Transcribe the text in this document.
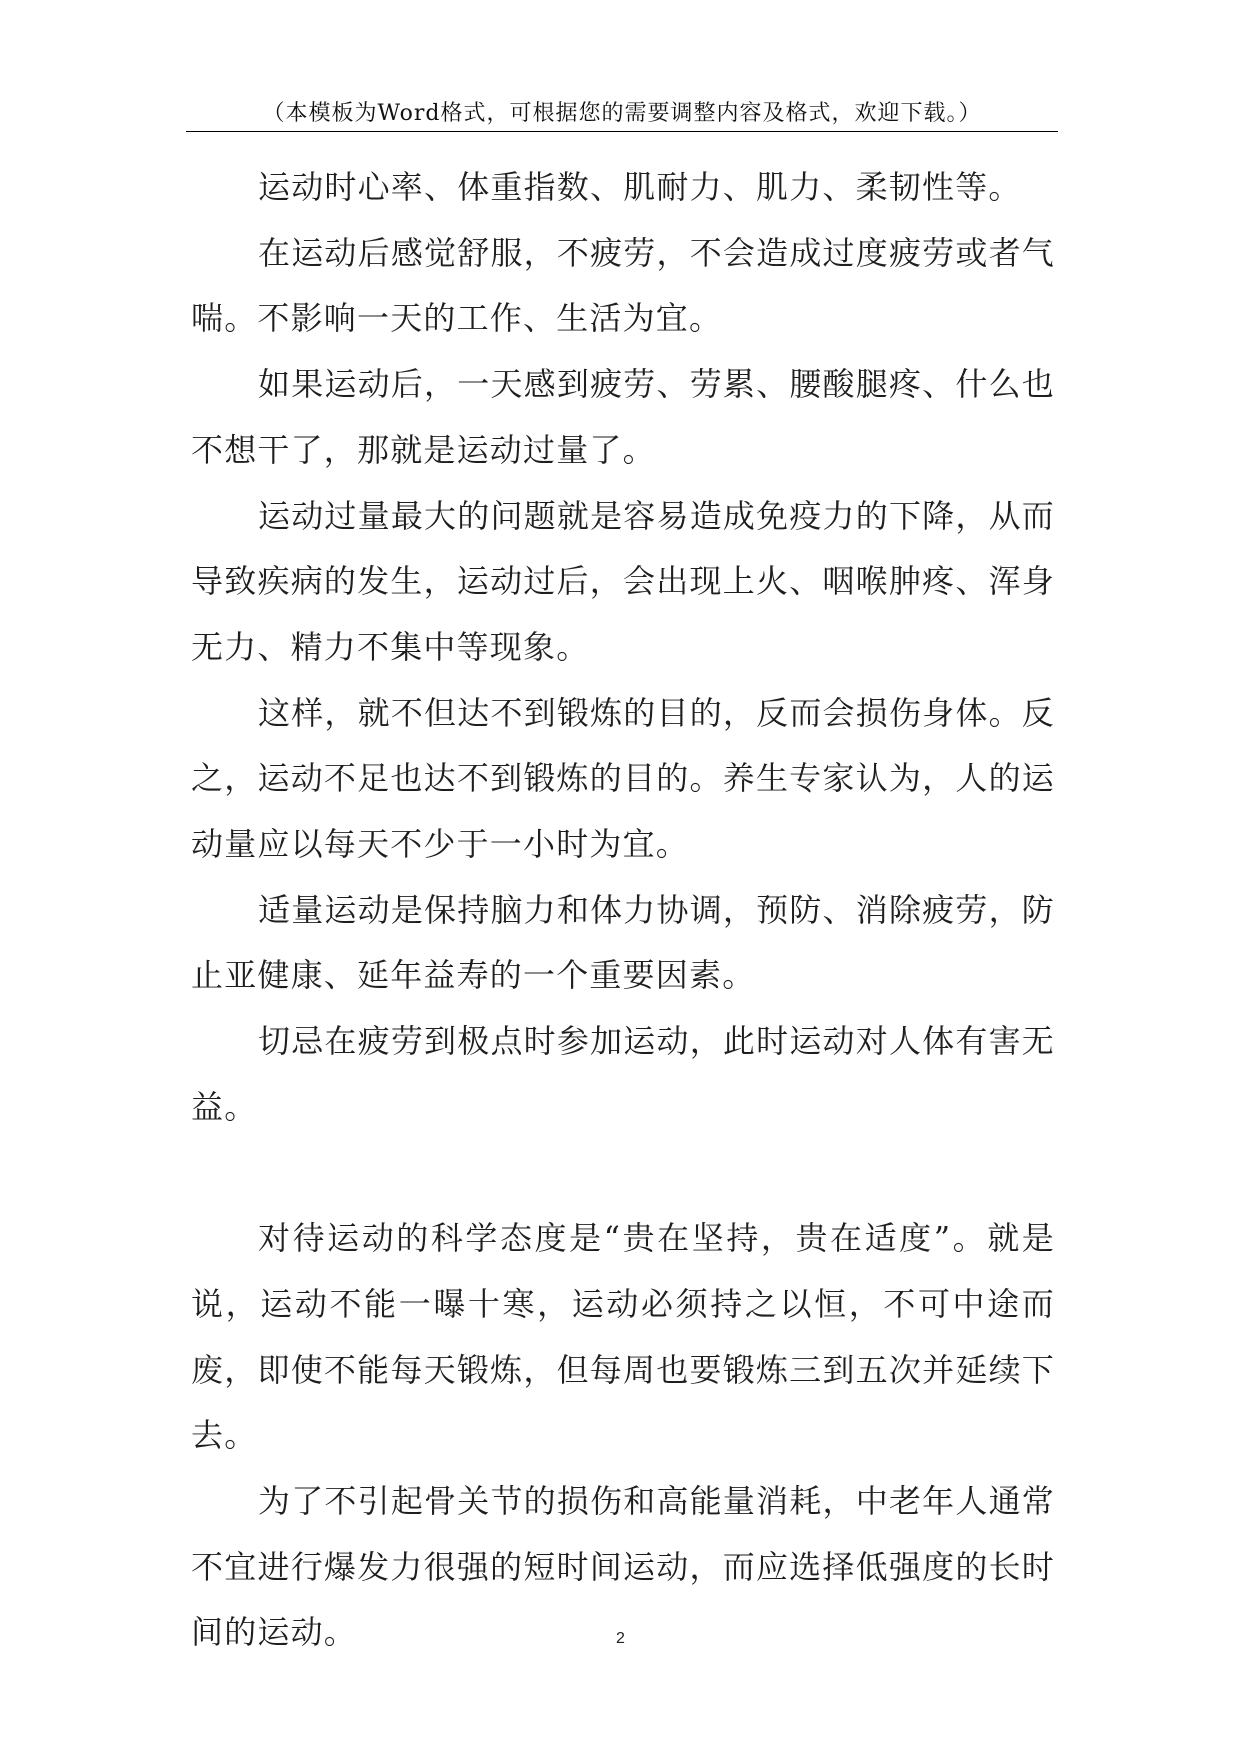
（本模板为Word格式，可根据您的需要调整内容及格式，欢迎下载。）

运动时心率、体重指数、肌耐力、肌力、柔韧性等。

在运动后感觉舒服，不疲劳，不会造成过度疲劳或者气喘。不影响一天的工作、生活为宜。

如果运动后，一天感到疲劳、劳累、腰酸腿疼、什么也不想干了，那就是运动过量了。

运动过量最大的问题就是容易造成免疫力的下降，从而导致疾病的发生，运动过后，会出现上火、咽喉肿疼、浑身无力、精力不集中等现象。

这样，就不但达不到锻炼的目的，反而会损伤身体。反之，运动不足也达不到锻炼的目的。养生专家认为，人的运动量应以每天不少于一小时为宜。

适量运动是保持脑力和体力协调，预防、消除疲劳，防止亚健康、延年益寿的一个重要因素。

切忌在疲劳到极点时参加运动，此时运动对人体有害无益。

对待运动的科学态度是“贵在坚持，贵在适度”。就是说，运动不能一曝十寒，运动必须持之以恒，不可中途而废，即使不能每天锻炼，但每周也要锻炼三到五次并延续下去。

为了不引起骨关节的损伤和高能量消耗，中老年人通常不宜进行爆发力很强的短时间运动，而应选择低强度的长时间的运动。	2
